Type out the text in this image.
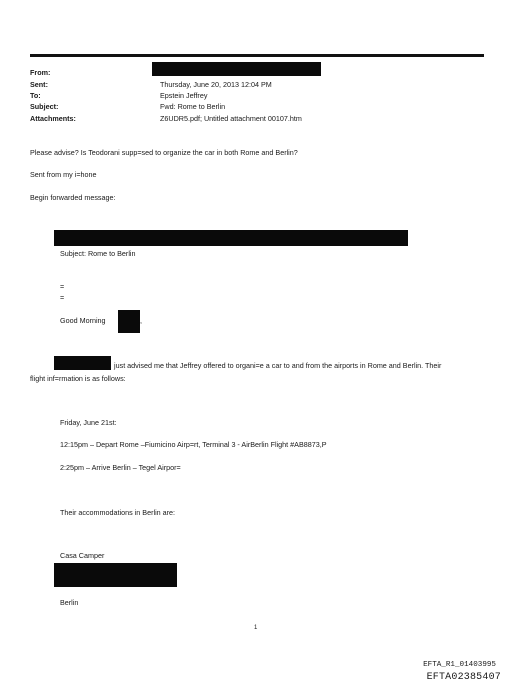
From:
Sent:
To:
Subject:
Attachments:
Thursday, June 20, 2013 12:04 PM
Epstein Jeffrey
Fwd: Rome to Berlin
Z6UDR5.pdf; Untitled attachment 00107.htm
Please advise? Is Teodorani supp=sed to organize the car in both Rome and Berlin?
Sent from my i=hone
Begin forwarded message:
Subject: Rome to Berlin
=
=
Good Morning	,
just advised me that Jeffrey offered to organi=e a car to and from the airports in Rome and Berlin. Their
flight inf=rmation is as follows:
Friday, June 21st:
12:15pm – Depart Rome –Fiumicino Airp=rt, Terminal 3 - AirBerlin Flight #AB8873,P
2:25pm – Arrive Berlin – Tegel Airpor=
Their accommodations in Berlin are:
Casa Camper
Berlin
1
EFTA_R1_01403995
EFTA02385407
